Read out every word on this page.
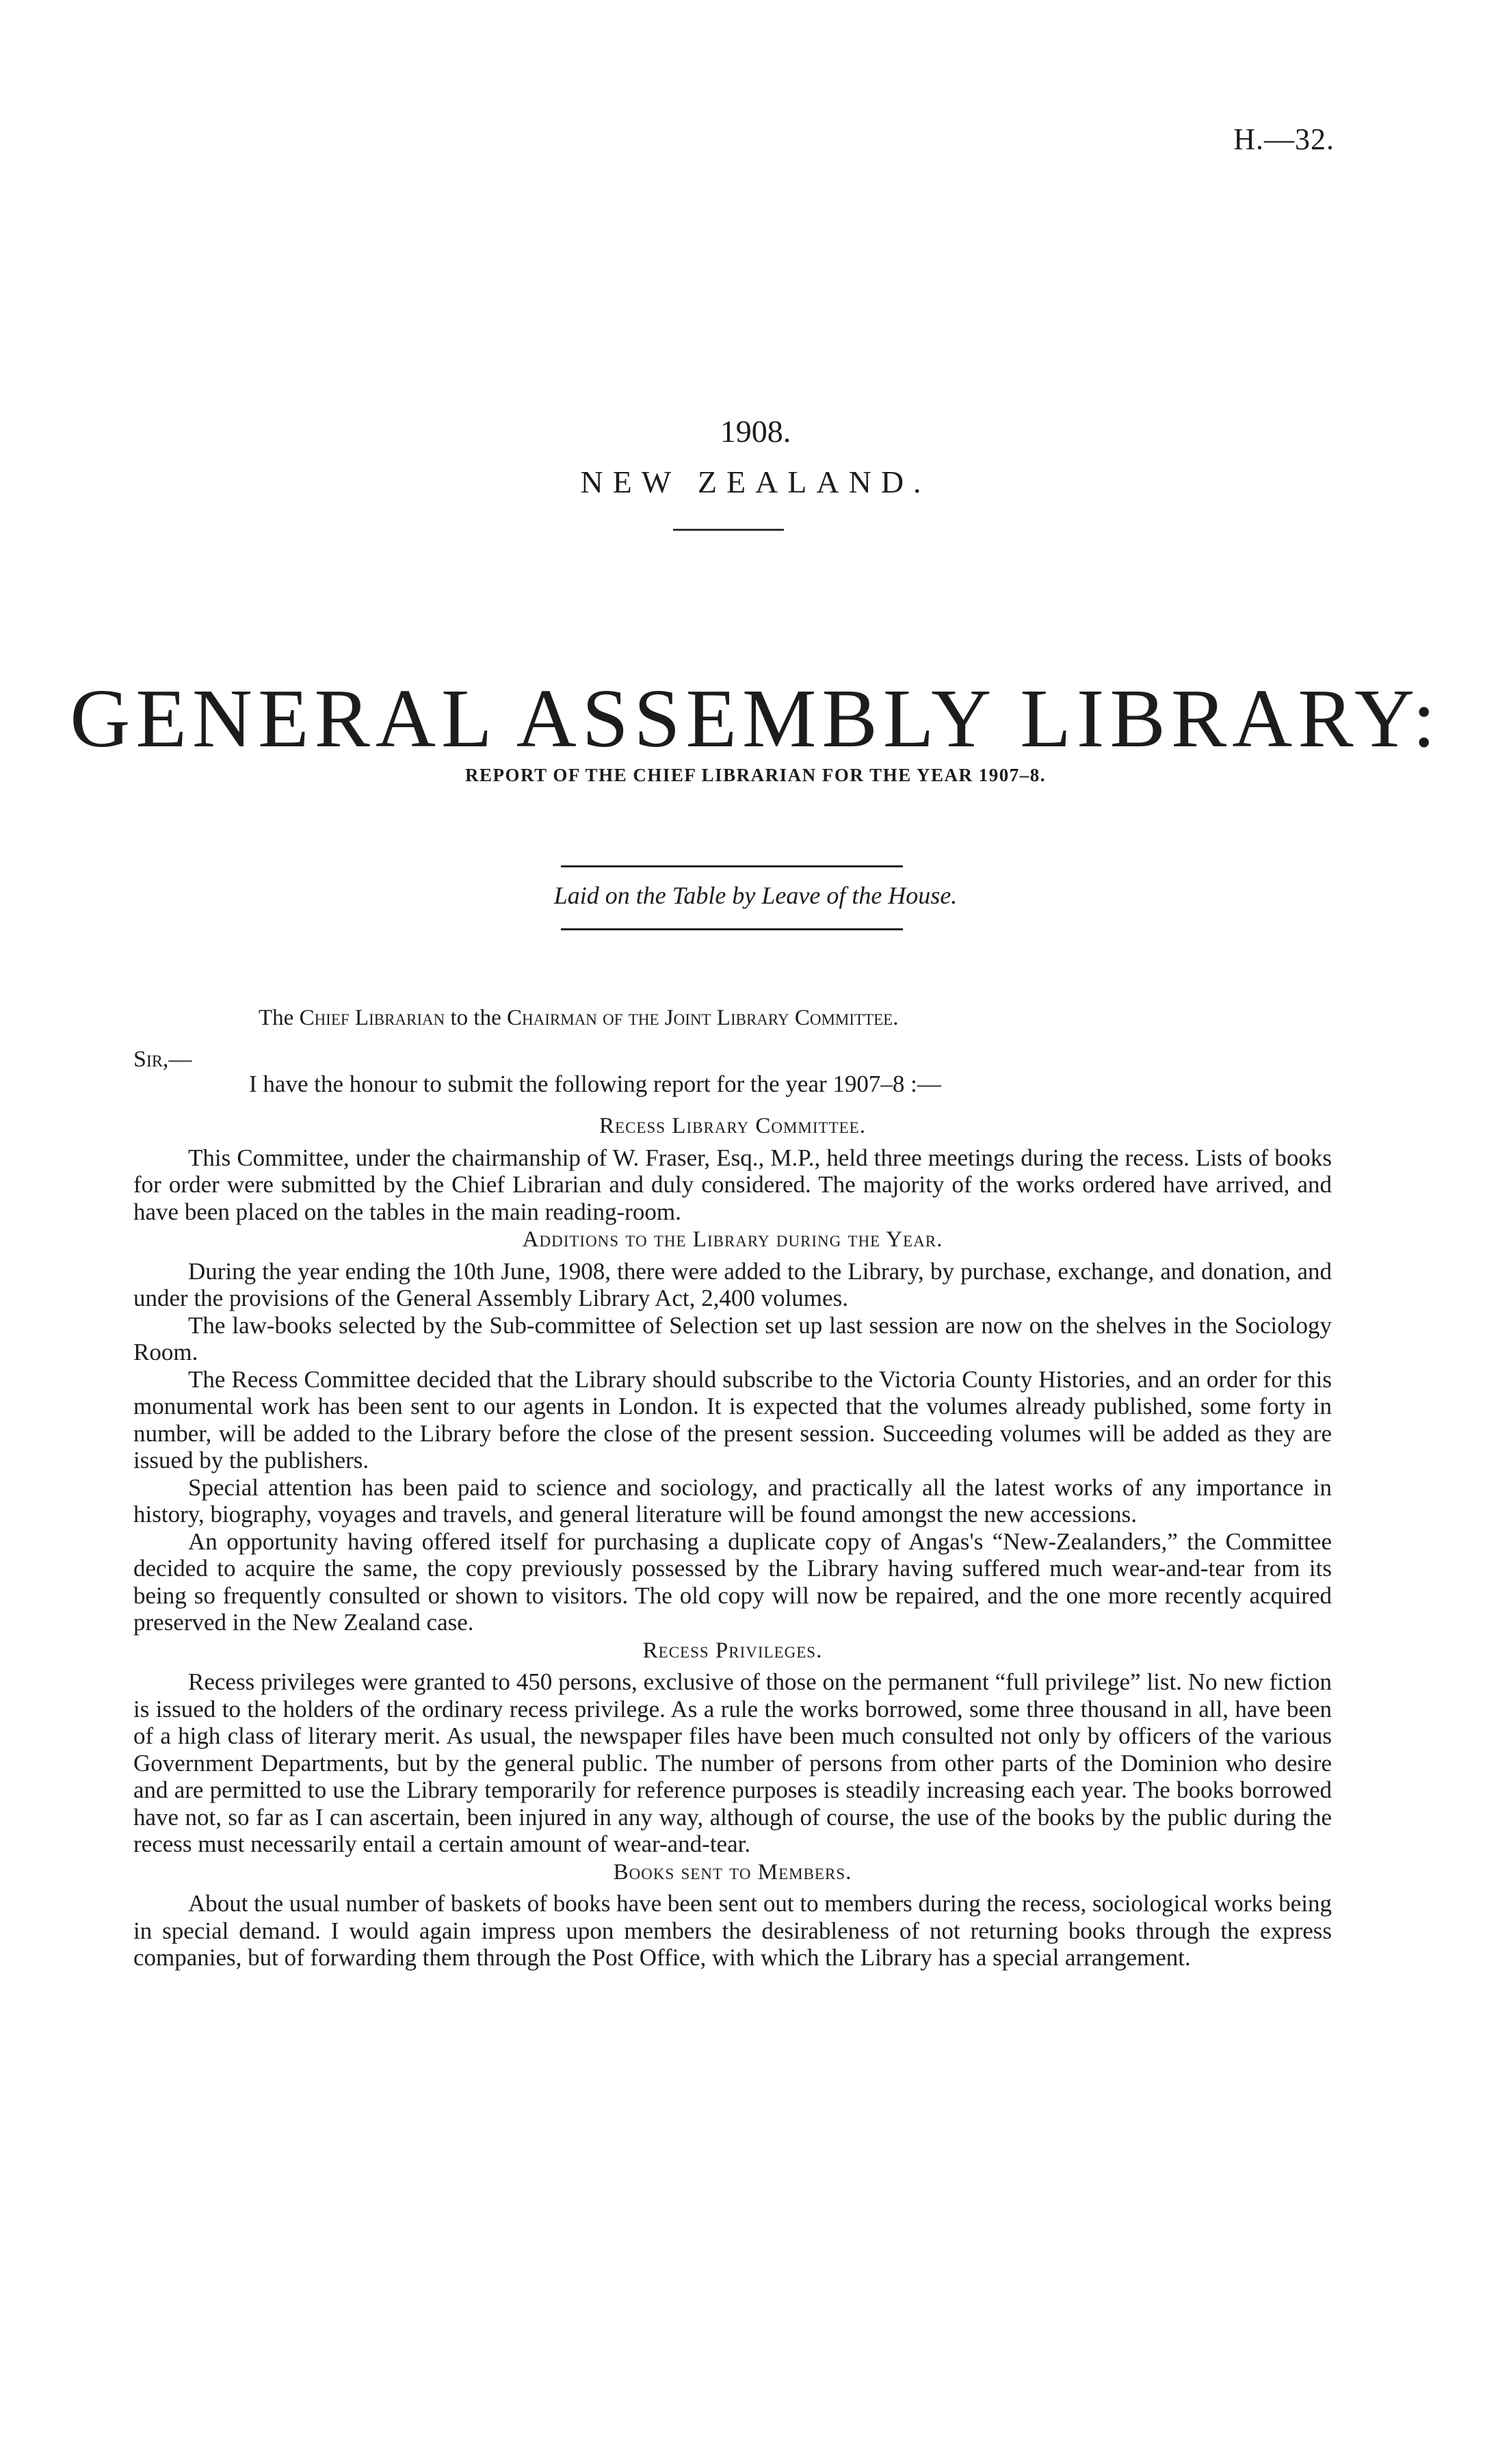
H.—32.
1908.
NEW ZEALAND.
GENERAL ASSEMBLY LIBRARY:
REPORT OF THE CHIEF LIBRARIAN FOR THE YEAR 1907–8.
Laid on the Table by Leave of the House.
The Chief Librarian to the Chairman of the Joint Library Committee.
Sir,—
I have the honour to submit the following report for the year 1907–8 :—
Recess Library Committee.

This Committee, under the chairmanship of W. Fraser, Esq., M.P., held three meetings during the recess. Lists of books for order were submitted by the Chief Librarian and duly considered. The majority of the works ordered have arrived, and have been placed on the tables in the main reading-room.

Additions to the Library during the Year.

During the year ending the 10th June, 1908, there were added to the Library, by purchase, exchange, and donation, and under the provisions of the General Assembly Library Act, 2,400 volumes.

The law-books selected by the Sub-committee of Selection set up last session are now on the shelves in the Sociology Room.

The Recess Committee decided that the Library should subscribe to the Victoria County Histories, and an order for this monumental work has been sent to our agents in London. It is expected that the volumes already published, some forty in number, will be added to the Library before the close of the present session. Succeeding volumes will be added as they are issued by the publishers.

Special attention has been paid to science and sociology, and practically all the latest works of any importance in history, biography, voyages and travels, and general literature will be found amongst the new accessions.

An opportunity having offered itself for purchasing a duplicate copy of Angas's “New-Zealanders,” the Committee decided to acquire the same, the copy previously possessed by the Library having suffered much wear-and-tear from its being so frequently consulted or shown to visitors. The old copy will now be repaired, and the one more recently acquired preserved in the New Zealand case.

Recess Privileges.

Recess privileges were granted to 450 persons, exclusive of those on the permanent “full privilege” list. No new fiction is issued to the holders of the ordinary recess privilege. As a rule the works borrowed, some three thousand in all, have been of a high class of literary merit. As usual, the newspaper files have been much consulted not only by officers of the various Government Departments, but by the general public. The number of persons from other parts of the Dominion who desire and are permitted to use the Library temporarily for reference purposes is steadily increasing each year. The books borrowed have not, so far as I can ascertain, been injured in any way, although of course, the use of the books by the public during the recess must necessarily entail a certain amount of wear-and-tear.

Books sent to Members.

About the usual number of baskets of books have been sent out to members during the recess, sociological works being in special demand. I would again impress upon members the desirableness of not returning books through the express companies, but of forwarding them through the Post Office, with which the Library has a special arrangement.
